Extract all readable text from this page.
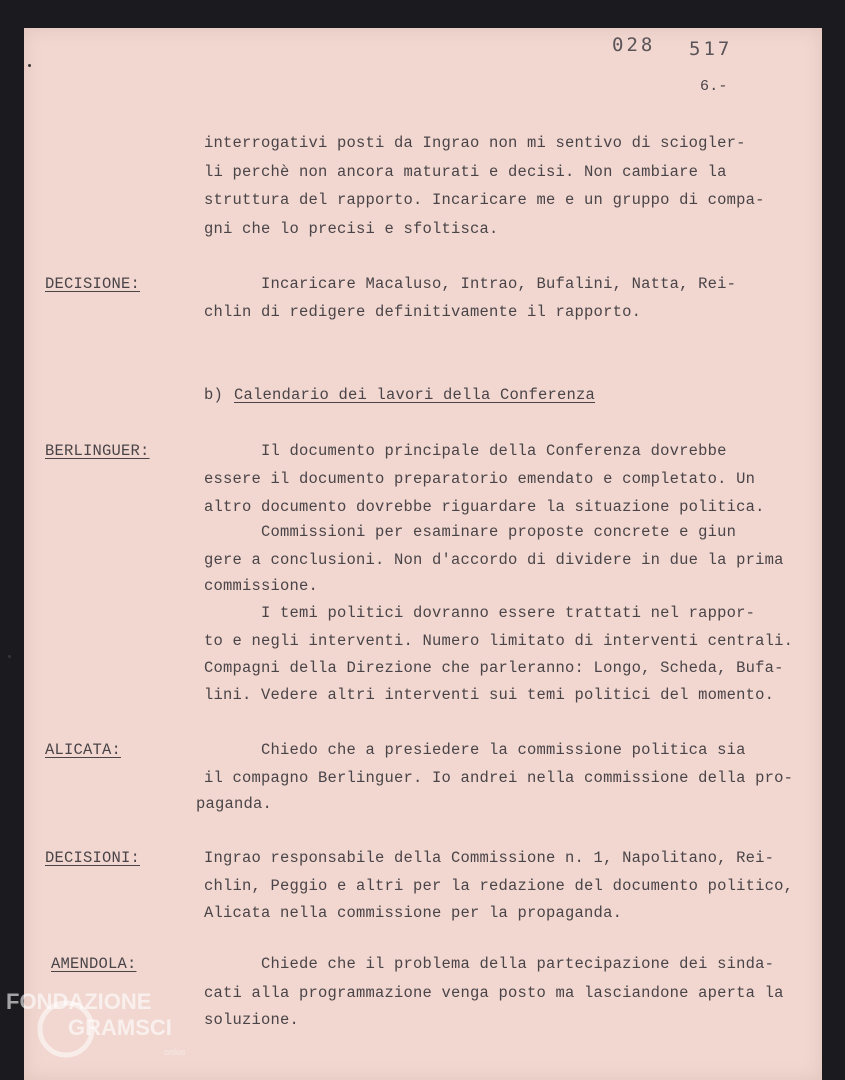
028 517
6.-
interrogativi posti da Ingrao non mi sentivo di sciogler-
li perchè non ancora maturati e decisi. Non cambiare la
struttura del rapporto. Incaricare me e un gruppo di compa-
gni che lo precisi e sfoltisca.
DECISIONE:	Incaricare Macaluso, Intrao, Bufalini, Natta, Rei-
chlin di redigere definitivamente il rapporto.
b) Calendario dei lavori della Conferenza
BERLINGUER:	Il documento principale della Conferenza dovrebbe
essere il documento preparatorio emendato e completato. Un
altro documento dovrebbe riguardare la situazione politica.
Commissioni per esaminare proposte concrete e giun
gere a conclusioni. Non d'accordo di dividere in due la prima
commissione.
I temi politici dovranno essere trattati nel rappor-
to e negli interventi. Numero limitato di interventi centrali.
Compagni della Direzione che parleranno: Longo, Scheda, Bufa-
lini. Vedere altri interventi sui temi politici del momento.
ALICATA:	Chiedo che a presiedere la commissione politica sia
il compagno Berlinguer. Io andrei nella commissione della pro-
paganda.
DECISIONI:	Ingrao responsabile della Commissione n. 1, Napolitano, Rei-
chlin, Peggio e altri per la redazione del documento politico,
Alicata nella commissione per la propaganda.
AMENDOLA:	Chiede che il problema della partecipazione dei sinda-
cati alla programmazione venga posto ma lasciandone aperta la
soluzione.
FONDAZIONE
GRAMSCI
onlus
